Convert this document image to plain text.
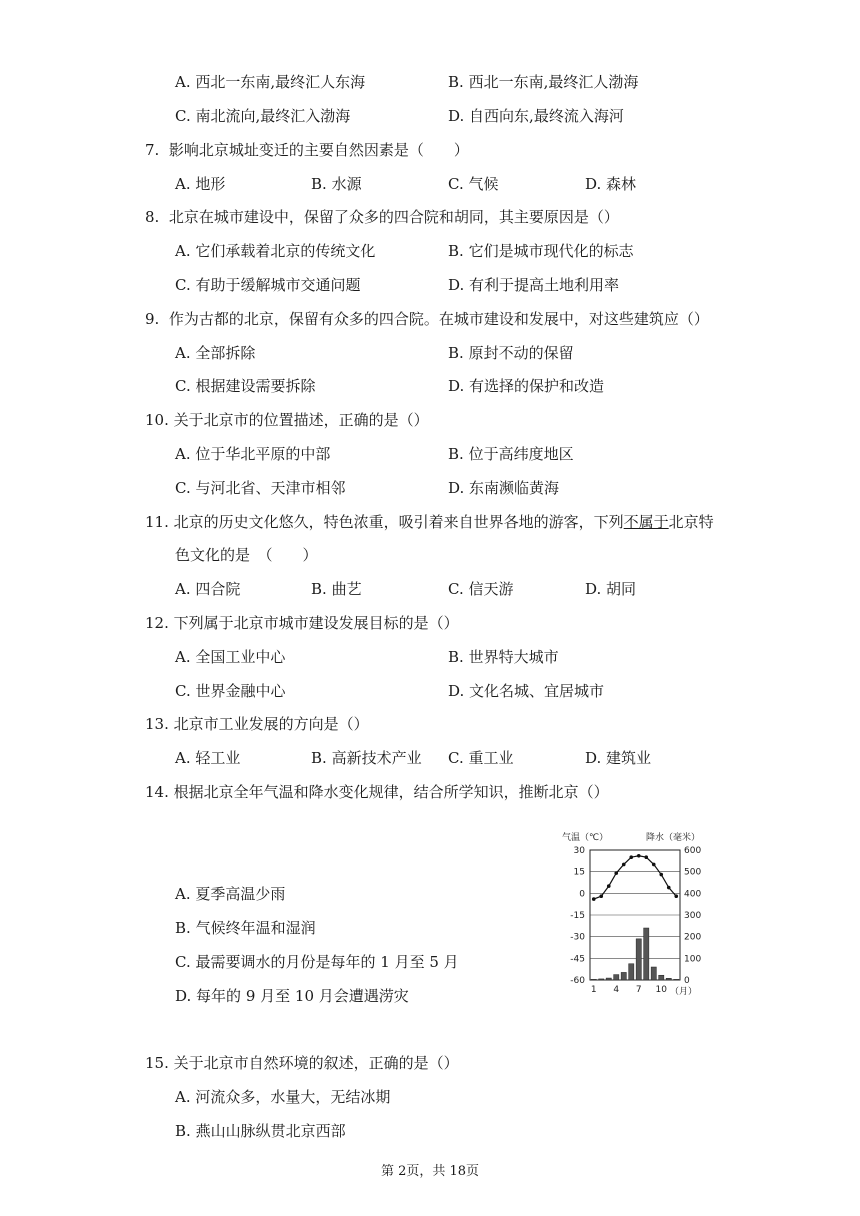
A. 西北一东南,最终汇人东海	B. 西北一东南,最终汇人渤海
C. 南北流向,最终汇入渤海	D. 自西向东,最终流入海河
7. 影响北京城址变迁的主要自然因素是（　　）
A. 地形	B. 水源	C. 气候	D. 森林
8. 北京在城市建设中，保留了众多的四合院和胡同，其主要原因是（）
A. 它们承载着北京的传统文化	B. 它们是城市现代化的标志
C. 有助于缓解城市交通问题	D. 有利于提高土地利用率
9. 作为古都的北京，保留有众多的四合院。在城市建设和发展中，对这些建筑应（）
A. 全部拆除	B. 原封不动的保留
C. 根据建设需要拆除	D. 有选择的保护和改造
10. 关于北京市的位置描述，正确的是（）
A. 位于华北平原的中部	B. 位于高纬度地区
C. 与河北省、天津市相邻	D. 东南濒临黄海
11. 北京的历史文化悠久，特色浓重，吸引着来自世界各地的游客，下列不属于北京特
色文化的是　（　　）
A. 四合院	B. 曲艺	C. 信天游	D. 胡同
12. 下列属于北京市城市建设发展目标的是（）
A. 全国工业中心	B. 世界特大城市
C. 世界金融中心	D. 文化名城、宜居城市
13. 北京市工业发展的方向是（）
A. 轻工业	B. 高新技术产业 C. 重工业	D. 建筑业
14. 根据北京全年气温和降水变化规律，结合所学知识，推断北京（）
A. 夏季高温少雨
B. 气候终年温和湿润
C. 最需要调水的月份是每年的 1 月至 5 月
D. 每年的 9 月至 10 月会遭遇涝灾
30
15
0
-15
-30
-45
-60
600
500
400
300
200
100
0
1 4 7 10
气温（℃）	降水（毫米）
（月）
15. 关于北京市自然环境的叙述，正确的是（）
A. 河流众多，水量大，无结冰期
B. 燕山山脉纵贯北京西部
第 2页，共 18页
